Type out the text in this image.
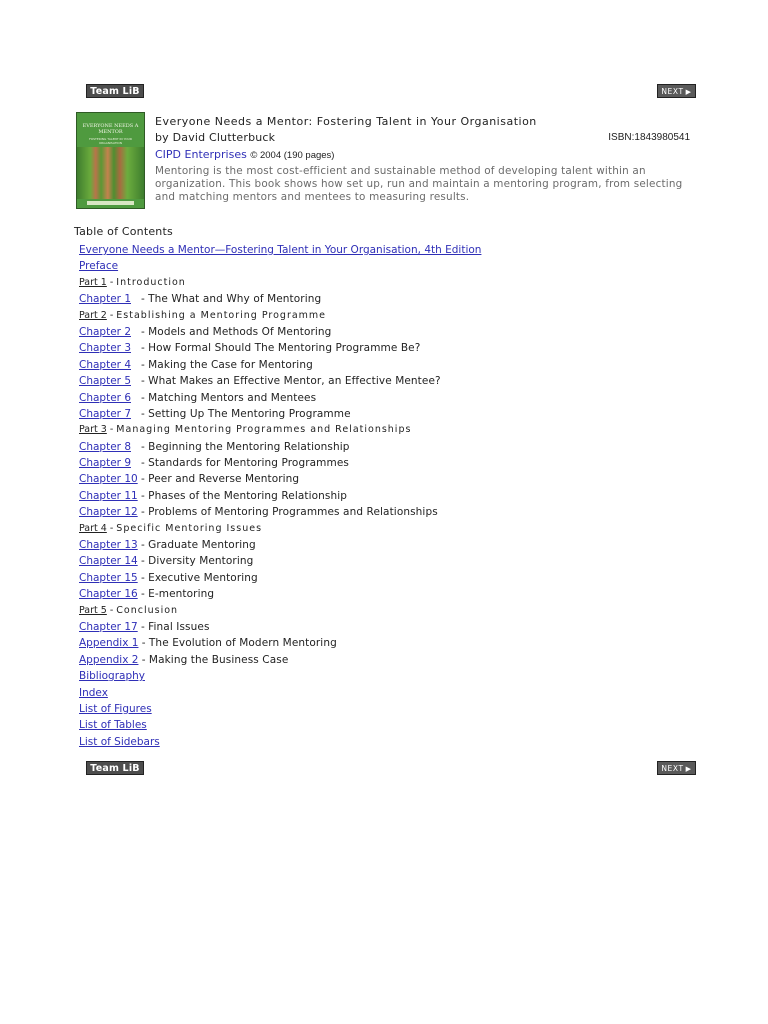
Team LiB	NEXT ▶
EVERYONE NEEDS A MENTOR
FOSTERING TALENT IN YOUR ORGANISATION
Everyone Needs a Mentor: Fostering Talent in Your Organisation
by David Clutterbuck	ISBN:1843980541
CIPD Enterprises © 2004 (190 pages)
Mentoring is the most cost-efficient and sustainable method of developing talent within an organization. This book shows how set up, run and maintain a mentoring program, from selecting and matching mentors and mentees to measuring results.
Table of Contents
Everyone Needs a Mentor—Fostering Talent in Your Organisation, 4th Edition
Preface
Part 1 - Introduction
Chapter 1   - The What and Why of Mentoring
Part 2 - Establishing a Mentoring Programme
Chapter 2   - Models and Methods Of Mentoring
Chapter 3   - How Formal Should The Mentoring Programme Be?
Chapter 4   - Making the Case for Mentoring
Chapter 5   - What Makes an Effective Mentor, an Effective Mentee?
Chapter 6   - Matching Mentors and Mentees
Chapter 7   - Setting Up The Mentoring Programme
Part 3 - Managing Mentoring Programmes and Relationships
Chapter 8   - Beginning the Mentoring Relationship
Chapter 9   - Standards for Mentoring Programmes
Chapter 10 - Peer and Reverse Mentoring
Chapter 11 - Phases of the Mentoring Relationship
Chapter 12 - Problems of Mentoring Programmes and Relationships
Part 4 - Specific Mentoring Issues
Chapter 13 - Graduate Mentoring
Chapter 14 - Diversity Mentoring
Chapter 15 - Executive Mentoring
Chapter 16 - E-mentoring
Part 5 - Conclusion
Chapter 17 - Final Issues
Appendix 1 - The Evolution of Modern Mentoring
Appendix 2 - Making the Business Case
Bibliography
Index
List of Figures
List of Tables
List of Sidebars
Team LiB	NEXT ▶
